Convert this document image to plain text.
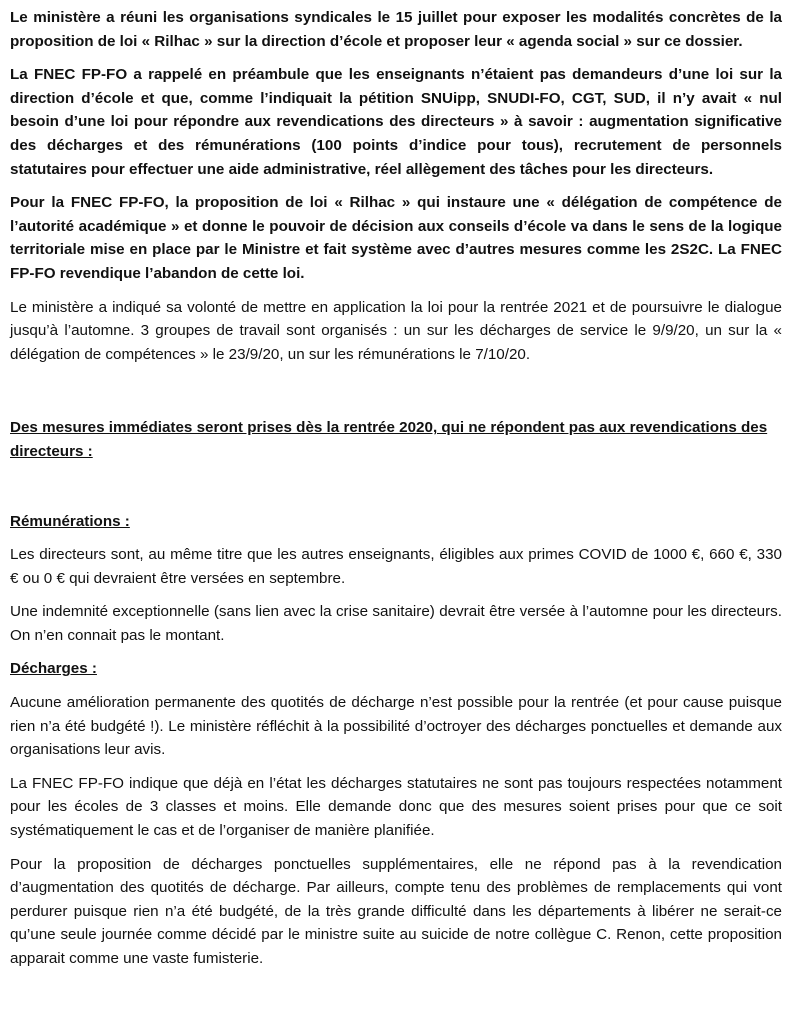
Le ministère a réuni les organisations syndicales le 15 juillet pour exposer les modalités concrètes de la proposition de loi « Rilhac » sur la direction d’école et proposer leur « agenda social » sur ce dossier.

La FNEC FP-FO a rappelé en préambule que les enseignants n’étaient pas demandeurs d’une loi sur la direction d’école et que, comme l’indiquait la pétition SNUipp, SNUDI-FO, CGT, SUD, il n’y avait « nul besoin d’une loi pour répondre aux revendications des directeurs » à savoir : augmentation significative des décharges et des rémunérations (100 points d’indice pour tous), recrutement de personnels statutaires pour effectuer une aide administrative, réel allègement des tâches pour les directeurs.

Pour la FNEC FP-FO, la proposition de loi « Rilhac » qui instaure une « délégation de compétence de l’autorité académique » et donne le pouvoir de décision aux conseils d’école va dans le sens de la logique territoriale mise en place par le Ministre et fait système avec d’autres mesures comme les 2S2C. La FNEC FP-FO revendique l’abandon de cette loi.

Le ministère a indiqué sa volonté de mettre en application la loi pour la rentrée 2021 et de poursuivre le dialogue jusqu’à l’automne. 3 groupes de travail sont organisés : un sur les décharges de service le 9/9/20, un sur la « délégation de compétences » le 23/9/20, un sur les rémunérations le 7/10/20.

Des mesures immédiates seront prises dès la rentrée 2020, qui ne répondent pas aux revendications des directeurs :

Rémunérations :

Les directeurs sont, au même titre que les autres enseignants, éligibles aux primes COVID de 1000 €, 660 €, 330 € ou 0 € qui devraient être versées en septembre.

Une indemnité exceptionnelle (sans lien avec la crise sanitaire) devrait être versée à l’automne pour les directeurs. On n’en connait pas le montant.

Décharges :

Aucune amélioration permanente des quotités de décharge n’est possible pour la rentrée (et pour cause puisque rien n’a été budgété !). Le ministère réfléchit à la possibilité d’octroyer des décharges ponctuelles et demande aux organisations leur avis.

La FNEC FP-FO indique que déjà en l’état les décharges statutaires ne sont pas toujours respectées notamment pour les écoles de 3 classes et moins. Elle demande donc que des mesures soient prises pour que ce soit systématiquement le cas et de l’organiser de manière planifiée.

Pour la proposition de décharges ponctuelles supplémentaires, elle ne répond pas à la revendication d’augmentation des quotités de décharge. Par ailleurs, compte tenu des problèmes de remplacements qui vont perdurer puisque rien n’a été budgété, de la très grande difficulté dans les départements à libérer ne serait-ce qu’une seule journée comme décidé par le ministre suite au suicide de notre collègue C. Renon, cette proposition apparait comme une vaste fumisterie.
